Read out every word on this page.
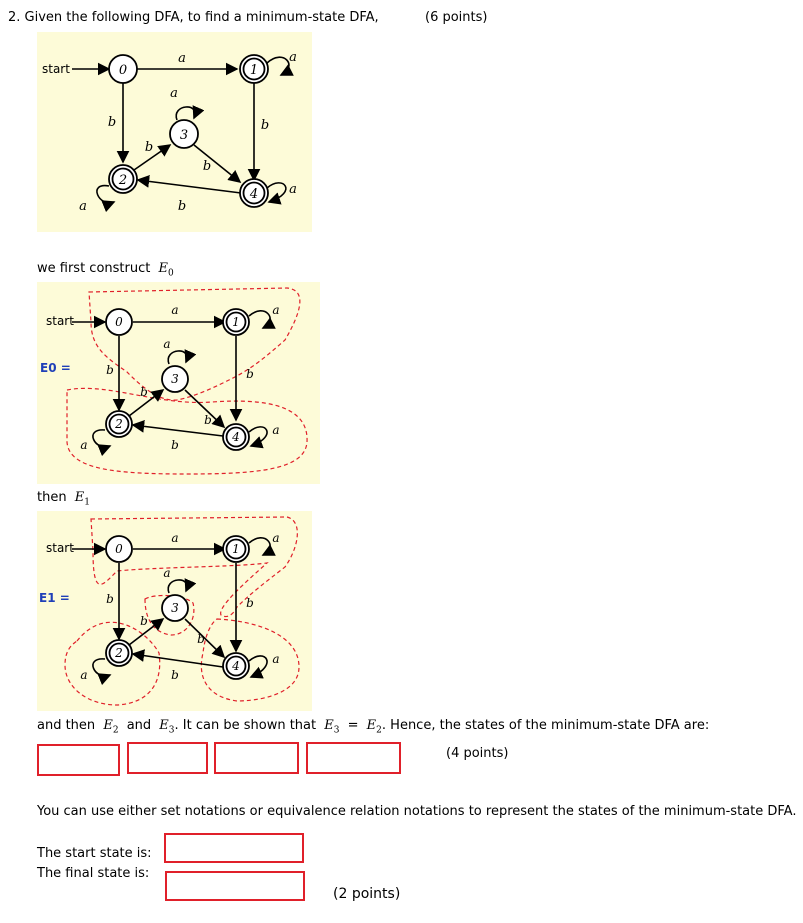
2. Given the following DFA, to find a minimum-state DFA,	(6 points)
start	0	1
2
3
4
a	a
a
b	b
b
b
b
a
a
we first construct $E_0$
start	0	1
2
3
4
a	a
a
b	b
b
b
b
a
a
E0 =
then $E_1$
start	0	1
2
3
4
a	a
a
b	b
b
b
b
a
a
E1 =
and then $E_2$ and $E_3$. It can be shown that $E_3 = E_2$. Hence, the states of the minimum-state DFA are:
(4 points)
You can use either set notations or equivalence relation notations to represent the states of the minimum-state DFA.
The start state is:
The final state is:
(2 points)
